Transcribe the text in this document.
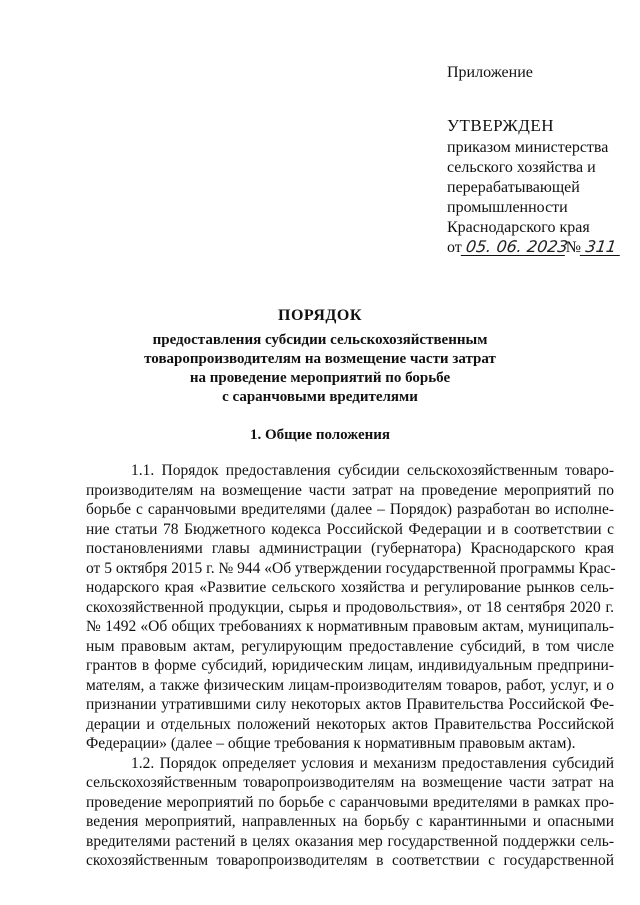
Приложение
УТВЕРЖДЕН
приказом министерства
сельского хозяйства и
перерабатывающей
промышленности
Краснодарского края
от 05. 06. 2023
№ 311
ПОРЯДОК
предоставления субсидии сельскохозяйственным
товаропроизводителям на возмещение части затрат
на проведение мероприятий по борьбе
с саранчовыми вредителями
1. Общие положения
1.1. Порядок предоставления субсидии сельскохозяйственным товаро-
производителям на возмещение части затрат на проведение мероприятий по
борьбе с саранчовыми вредителями (далее – Порядок) разработан во исполне-
ние статьи 78 Бюджетного кодекса Российской Федерации и в соответствии с
постановлениями главы администрации (губернатора) Краснодарского края
от 5 октября 2015 г. № 944 «Об утверждении государственной программы Крас-
нодарского края «Развитие сельского хозяйства и регулирование рынков сель-
скохозяйственной продукции, сырья и продовольствия», от 18 сентября 2020 г.
№ 1492 «Об общих требованиях к нормативным правовым актам, муниципаль-
ным правовым актам, регулирующим предоставление субсидий, в том числе
грантов в форме субсидий, юридическим лицам, индивидуальным предприни-
мателям, а также физическим лицам-производителям товаров, работ, услуг, и о
признании утратившими силу некоторых актов Правительства Российской Фе-
дерации и отдельных положений некоторых актов Правительства Российской
Федерации» (далее – общие требования к нормативным правовым актам).
1.2. Порядок определяет условия и механизм предоставления субсидий
сельскохозяйственным товаропроизводителям на возмещение части затрат на
проведение мероприятий по борьбе с саранчовыми вредителями в рамках про-
ведения мероприятий, направленных на борьбу с карантинными и опасными
вредителями растений в целях оказания мер государственной поддержки сель-
скохозяйственным товаропроизводителям в соответствии с государственной
